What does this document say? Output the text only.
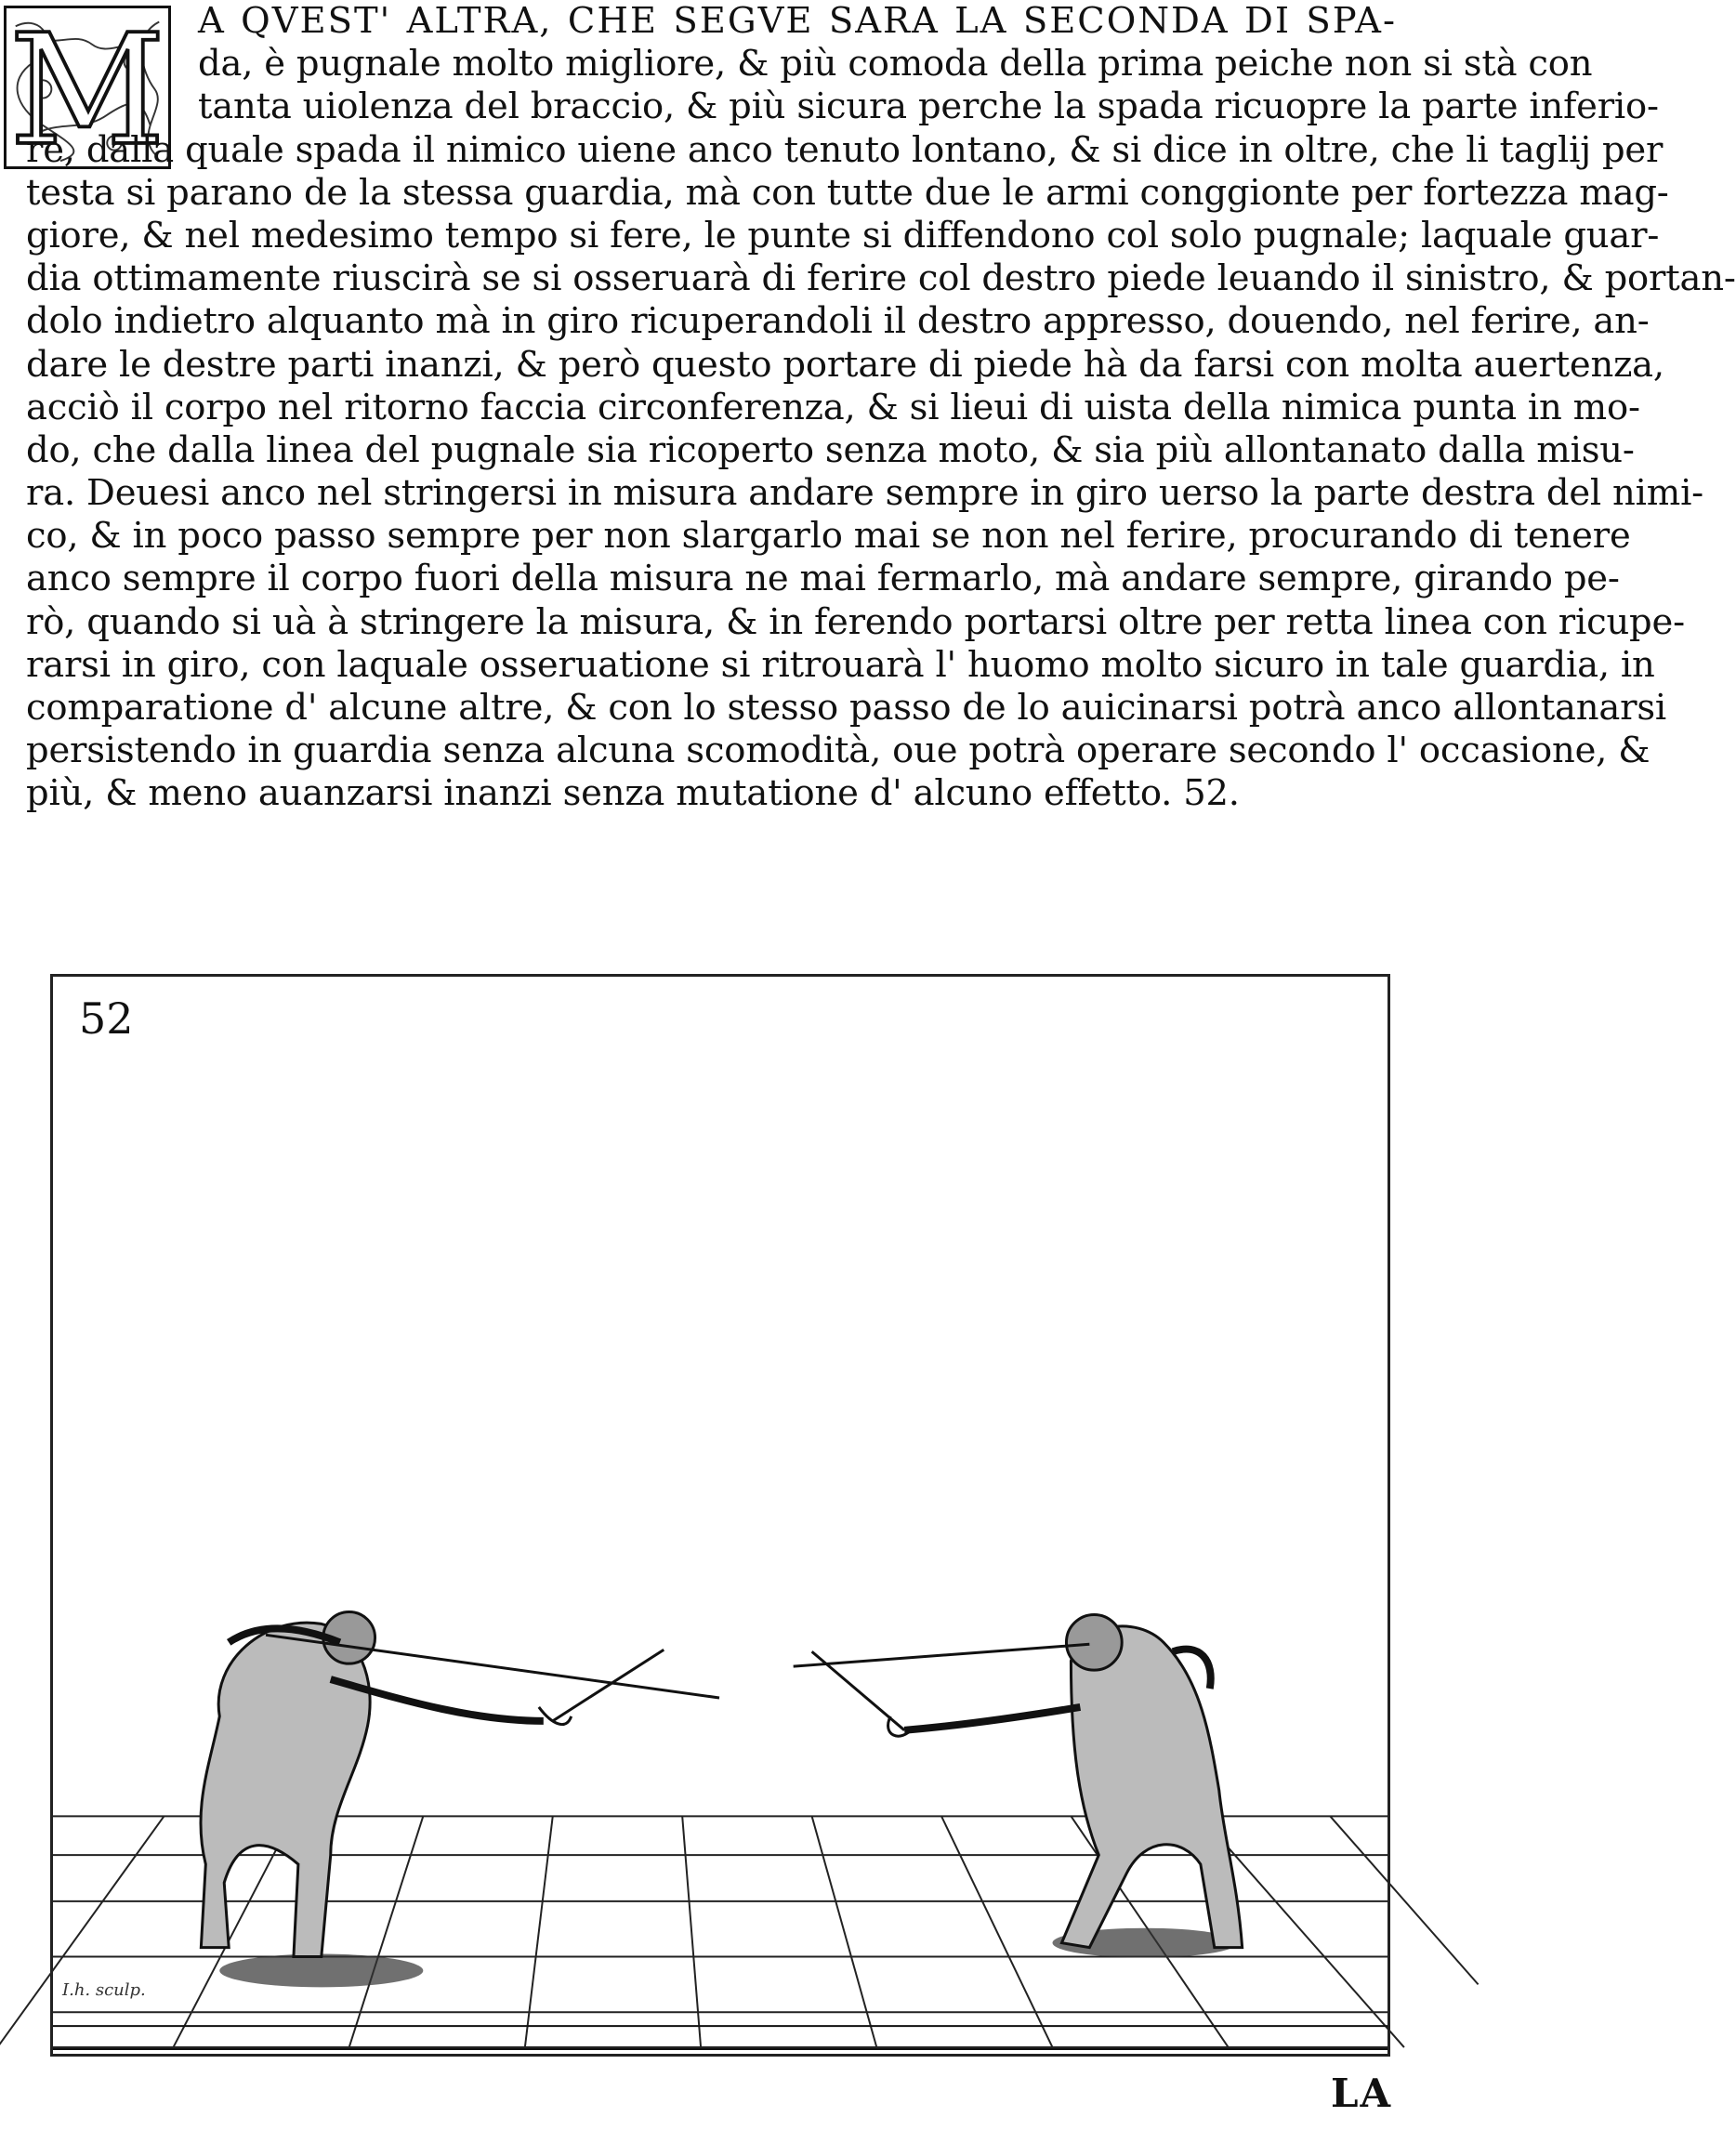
M A QVEST' ALTRA, CHE SEGVE SARA LA SECONDA DI SPA-
da, è pugnale molto migliore, & più comoda della prima peiche non si stà con
tanta uiolenza del braccio, & più sicura perche la spada ricuopre la parte inferio-
re, dalla quale spada il nimico uiene anco tenuto lontano, & si dice in oltre, che li taglij per
testa si parano de la stessa guardia, mà con tutte due le armi conggionte per fortezza mag-
giore, & nel medesimo tempo si fere, le punte si diffendono col solo pugnale; laquale guar-
dia ottimamente riuscirà se si osseruarà di ferire col destro piede leuando il sinistro, & portan-
dolo indietro alquanto mà in giro ricuperandoli il destro appresso, douendo, nel ferire, an-
dare le destre parti inanzi, & però questo portare di piede hà da farsi con molta auertenza,
acciò il corpo nel ritorno faccia circonferenza, & si lieui di uista della nimica punta in mo-
do, che dalla linea del pugnale sia ricoperto senza moto, & sia più allontanato dalla misu-
ra. Deuesi anco nel stringersi in misura andare sempre in giro uerso la parte destra del nimi-
co, & in poco passo sempre per non slargarlo mai se non nel ferire, procurando di tenere
anco sempre il corpo fuori della misura ne mai fermarlo, mà andare sempre, girando pe-
rò, quando si uà à stringere la misura, & in ferendo portarsi oltre per retta linea con ricupe-
rarsi in giro, con laquale osseruatione si ritrouarà l' huomo molto sicuro in tale guardia, in
comparatione d' alcune altre, & con lo stesso passo de lo auicinarsi potrà anco allontanarsi
persistendo in guardia senza alcuna scomodità, oue potrà operare secondo l' occasione, &
più, & meno auanzarsi inanzi senza mutatione d' alcuno effetto. 52.

52
I.h. sculp.
LA
